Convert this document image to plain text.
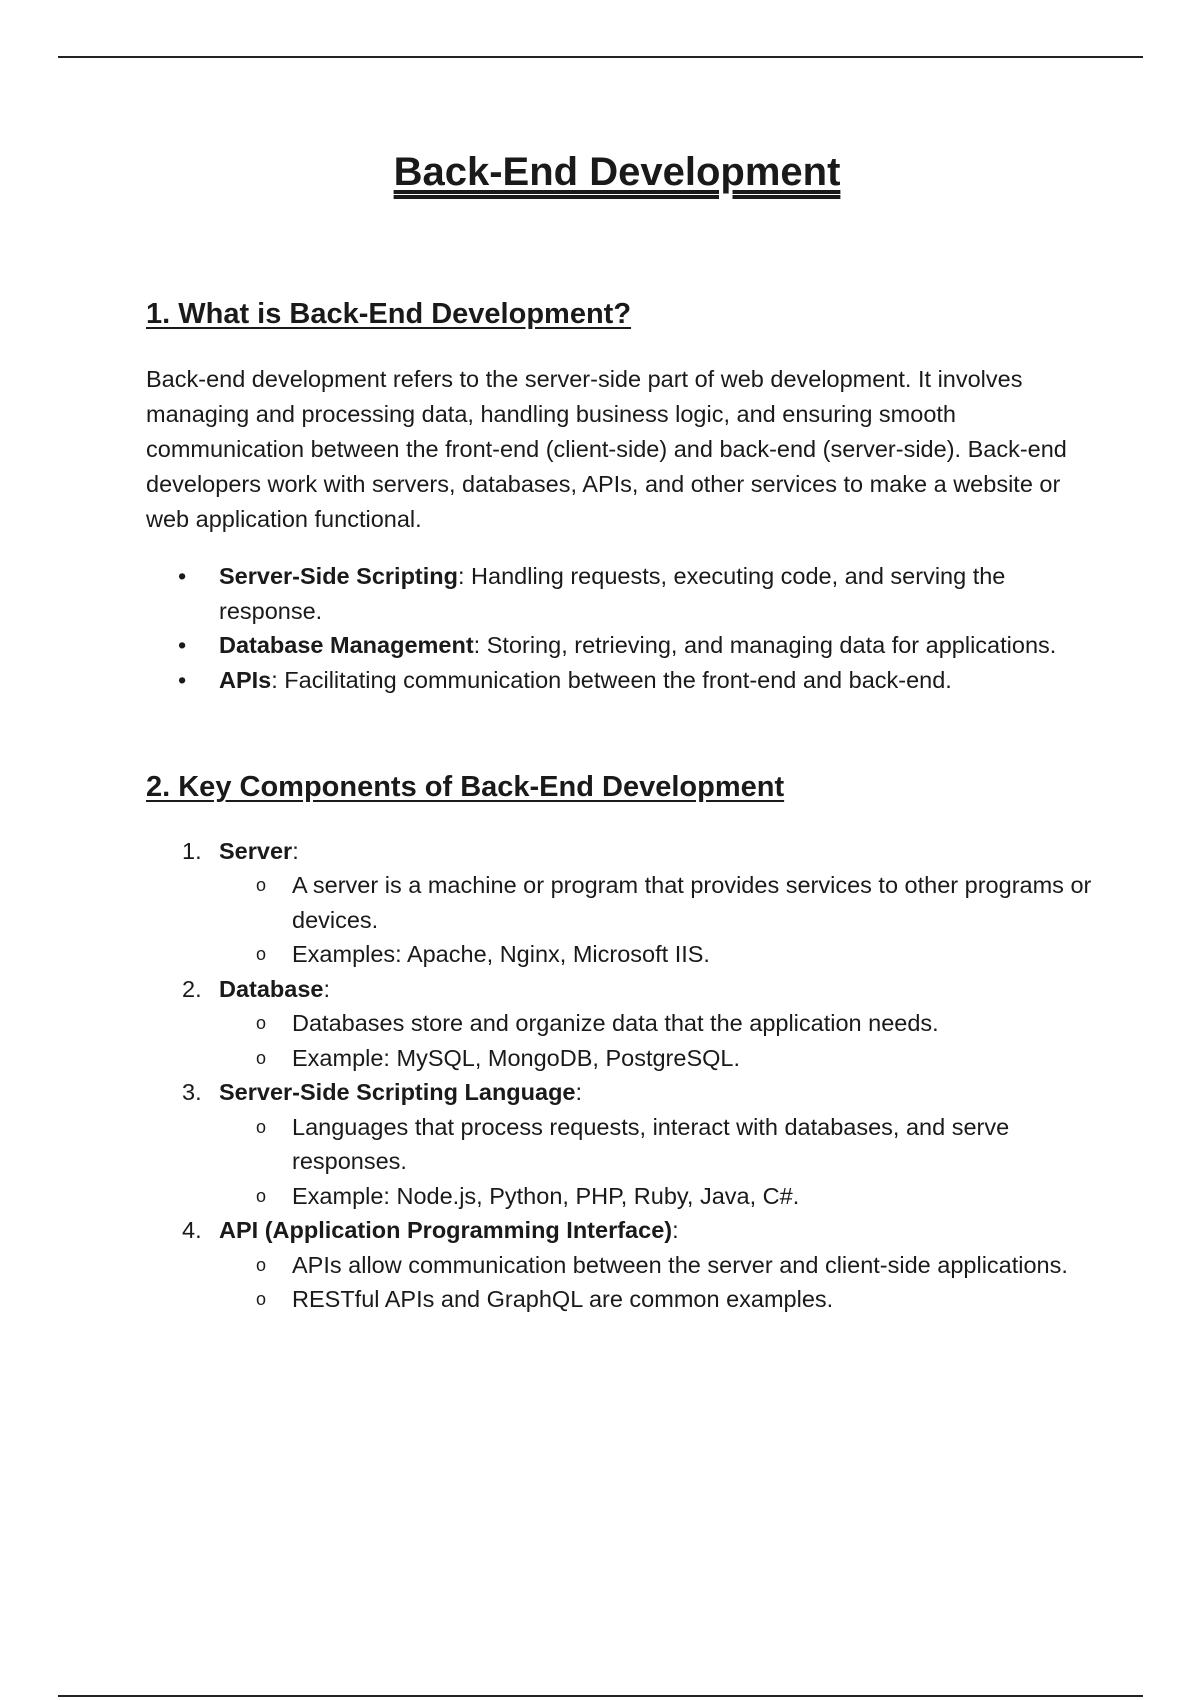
Back-End Development
1. What is Back-End Development?

Back-end development refers to the server-side part of web development. It involves managing and processing data, handling business logic, and ensuring smooth communication between the front-end (client-side) and back-end (server-side). Back-end developers work with servers, databases, APIs, and other services to make a website or web application functional.

• Server-Side Scripting: Handling requests, executing code, and serving the response.
• Database Management: Storing, retrieving, and managing data for applications.
• APIs: Facilitating communication between the front-end and back-end.
2. Key Components of Back-End Development
1. Server:
o A server is a machine or program that provides services to other programs or devices.
o Examples: Apache, Nginx, Microsoft IIS.
2. Database:
o Databases store and organize data that the application needs.
o Example: MySQL, MongoDB, PostgreSQL.
3. Server-Side Scripting Language:
o Languages that process requests, interact with databases, and serve responses.
o Example: Node.js, Python, PHP, Ruby, Java, C#.
4. API (Application Programming Interface):
o APIs allow communication between the server and client-side applications.
o RESTful APIs and GraphQL are common examples.
